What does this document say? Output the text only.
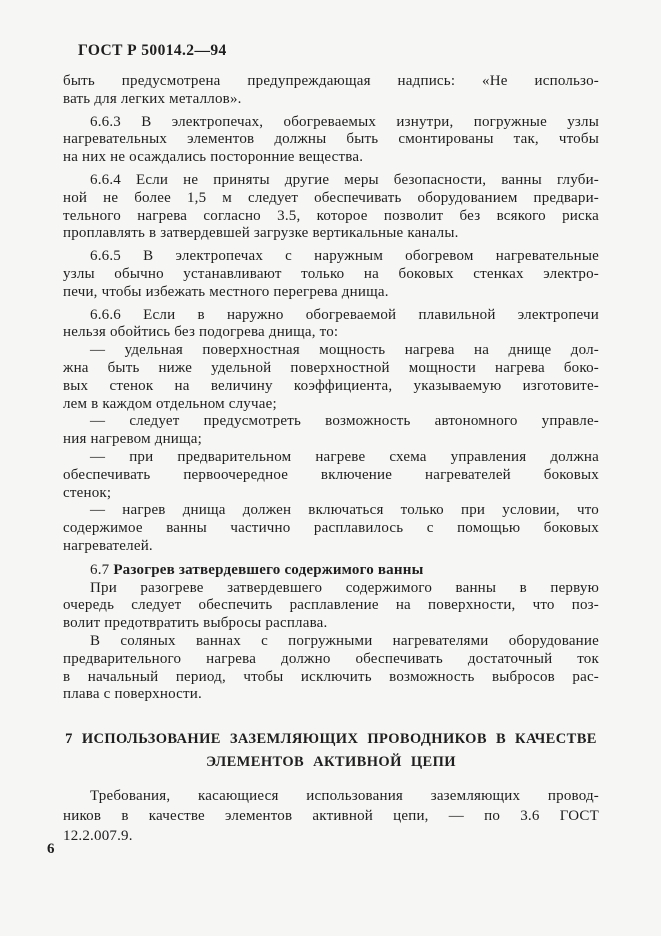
ГОСТ Р 50014.2—94
быть предусмотрена предупреждающая надпись: «Не использо-
вать для легких металлов».
6.6.3 В электропечах, обогреваемых изнутри, погружные узлы
нагревательных элементов должны быть смонтированы так, чтобы
на них не осаждались посторонние вещества.
6.6.4 Если не приняты другие меры безопасности, ванны глуби-
ной не более 1,5 м следует обеспечивать оборудованием предвари-
тельного нагрева согласно 3.5, которое позволит без всякого риска
проплавлять в затвердевшей загрузке вертикальные каналы.
6.6.5 В электропечах с наружным обогревом нагревательные
узлы обычно устанавливают только на боковых стенках электро-
печи, чтобы избежать местного перегрева днища.
6.6.6 Если в наружно обогреваемой плавильной электропечи
нельзя обойтись без подогрева днища, то:
— удельная поверхностная мощность нагрева на днище дол-
жна быть ниже удельной поверхностной мощности нагрева боко-
вых стенок на величину коэффициента, указываемую изготовите-
лем в каждом отдельном случае;
— следует предусмотреть возможность автономного управле-
ния нагревом днища;
— при предварительном нагреве схема управления должна
обеспечивать первоочередное включение нагревателей боковых
стенок;
— нагрев днища должен включаться только при условии, что
содержимое ванны частично расплавилось с помощью боковых
нагревателей.
6.7 Разогрев затвердевшего содержимого ванны
При разогреве затвердевшего содержимого ванны в первую
очередь следует обеспечить расплавление на поверхности, что поз-
волит предотвратить выбросы расплава.
В соляных ваннах с погружными нагревателями оборудование
предварительного нагрева должно обеспечивать достаточный ток
в начальный период, чтобы исключить возможность выбросов рас-
плава с поверхности.
7 ИСПОЛЬЗОВАНИЕ ЗАЗЕМЛЯЮЩИХ ПРОВОДНИКОВ В КАЧЕСТВЕ
ЭЛЕМЕНТОВ АКТИВНОЙ ЦЕПИ
Требования, касающиеся использования заземляющих провод-
ников в качестве элементов активной цепи, — по 3.6 ГОСТ
12.2.007.9.
6
